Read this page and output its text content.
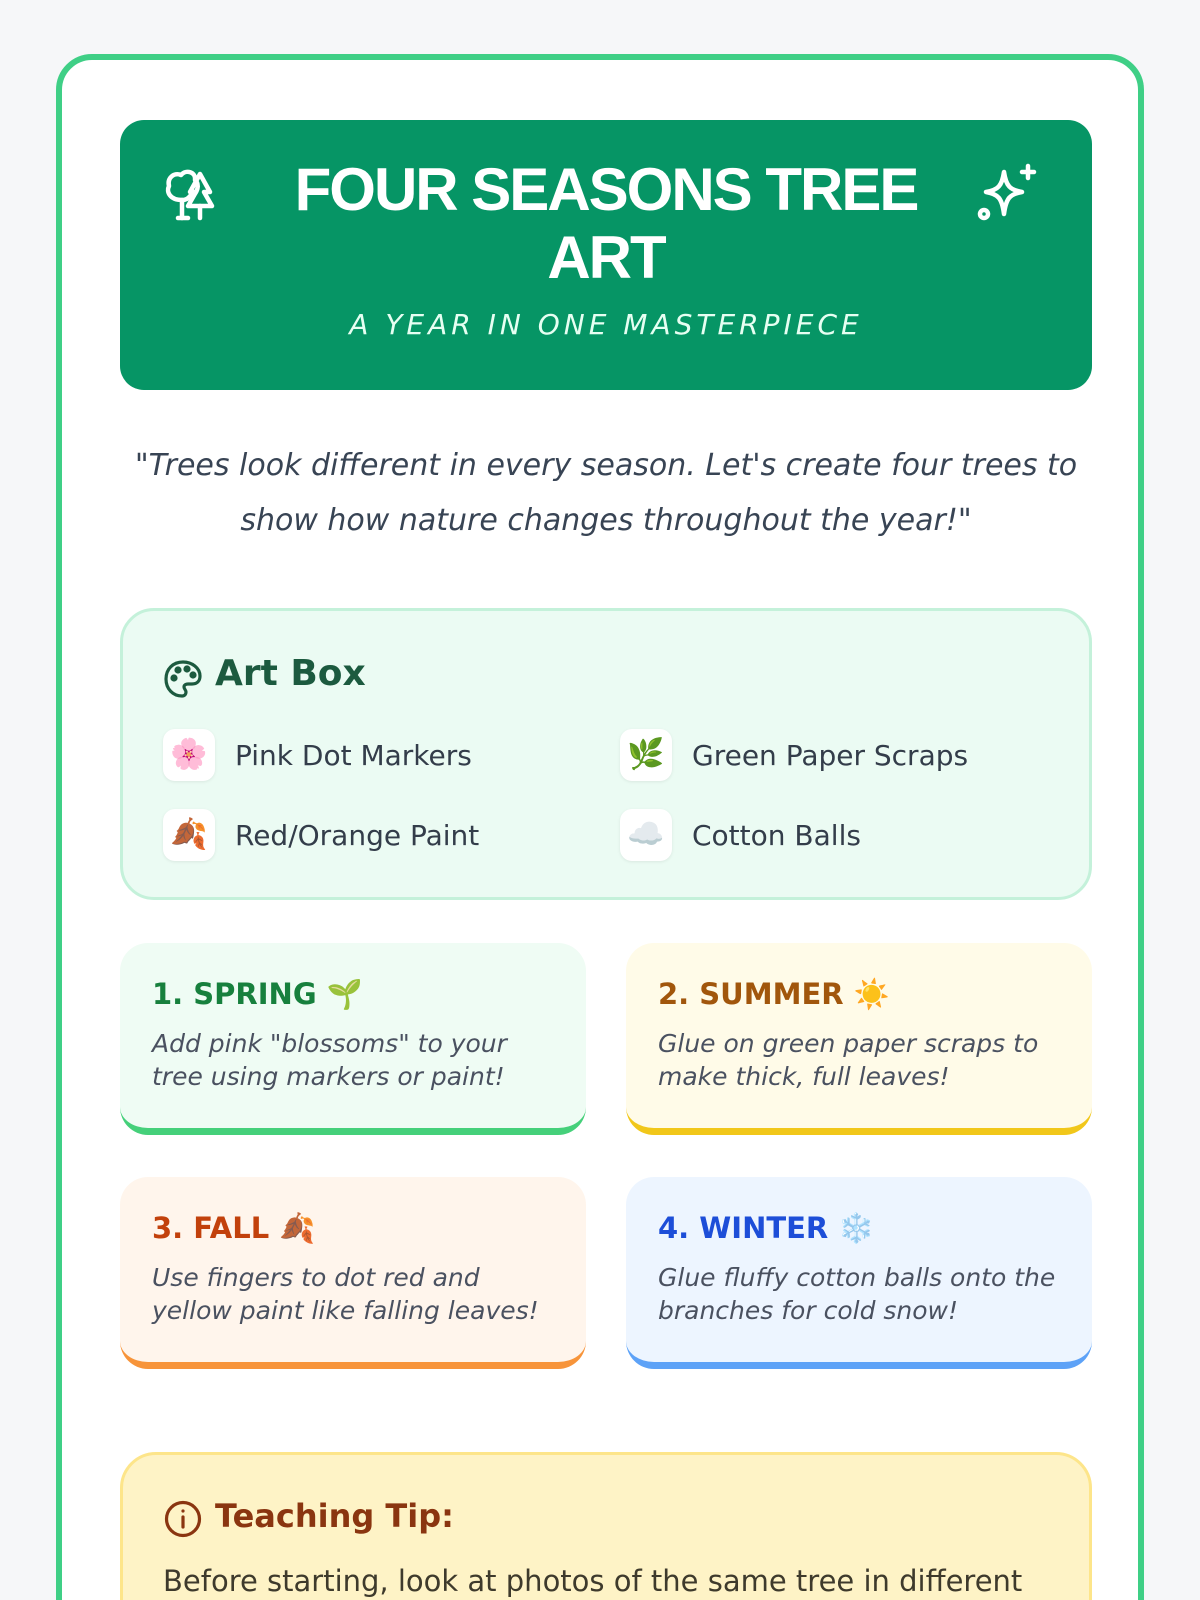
FOUR SEASONS TREE ART
A YEAR IN ONE MASTERPIECE
"Trees look different in every season. Let's create four trees to show how nature changes throughout the year!"
Art Box
🌸 Pink Dot Markers	🌿 Green Paper Scraps
🍂 Red/Orange Paint	☁️ Cotton Balls
1. SPRING 🌱
Add pink "blossoms" to your tree using markers or paint!
2. SUMMER ☀️
Glue on green paper scraps to make thick, full leaves!
3. FALL 🍂
Use fingers to dot red and yellow paint like falling leaves!
4. WINTER ❄️
Glue fluffy cotton balls onto the branches for cold snow!
Teaching Tip:
Before starting, look at photos of the same tree in different
